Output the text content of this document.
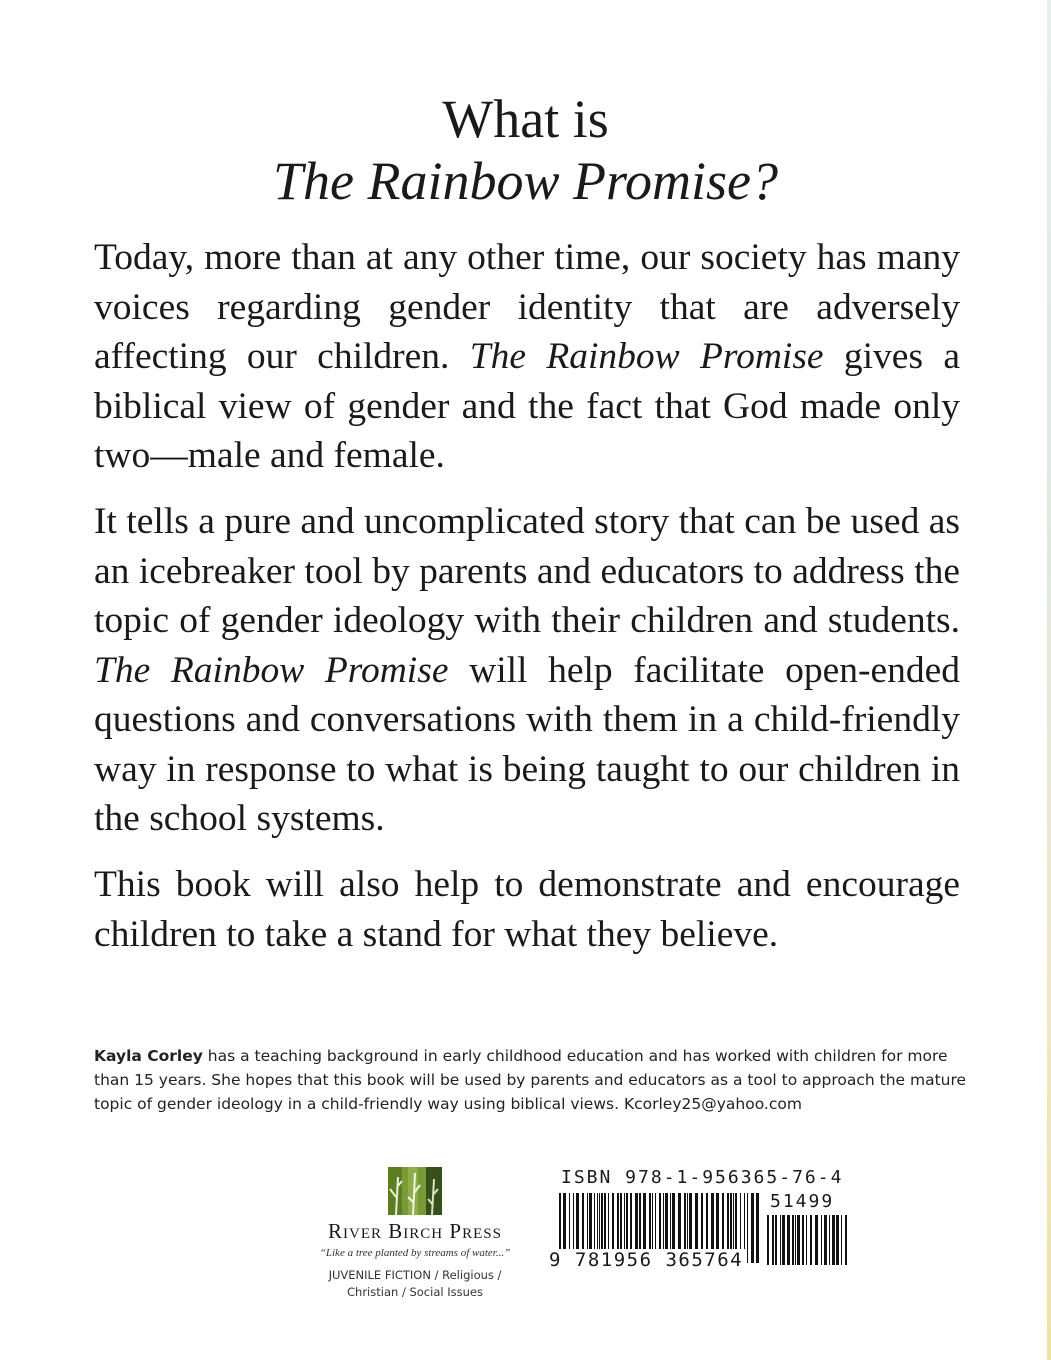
What is
The Rainbow Promise?

Today, more than at any other time, our society has many voices regarding gender identity that are adversely affecting our children. The Rainbow Promise gives a biblical view of gender and the fact that God made only two—male and female.

It tells a pure and uncomplicated story that can be used as an icebreaker tool by parents and educators to address the topic of gender ideology with their children and students. The Rainbow Promise will help facilitate open-ended questions and conversations with them in a child-friendly way in response to what is being taught to our children in the school systems.

This book will also help to demonstrate and encourage children to take a stand for what they believe.

Kayla Corley has a teaching background in early childhood education and has worked with children for more than 15 years. She hopes that this book will be used by parents and educators as a tool to approach the mature topic of gender ideology in a child-friendly way using biblical views. Kcorley25@yahoo.com

River Birch Press
“Like a tree planted by streams of water...”
JUVENILE FICTION / Religious /
Christian / Social Issues
ISBN 978-1-956365-76-4
51499
9 781956 365764
